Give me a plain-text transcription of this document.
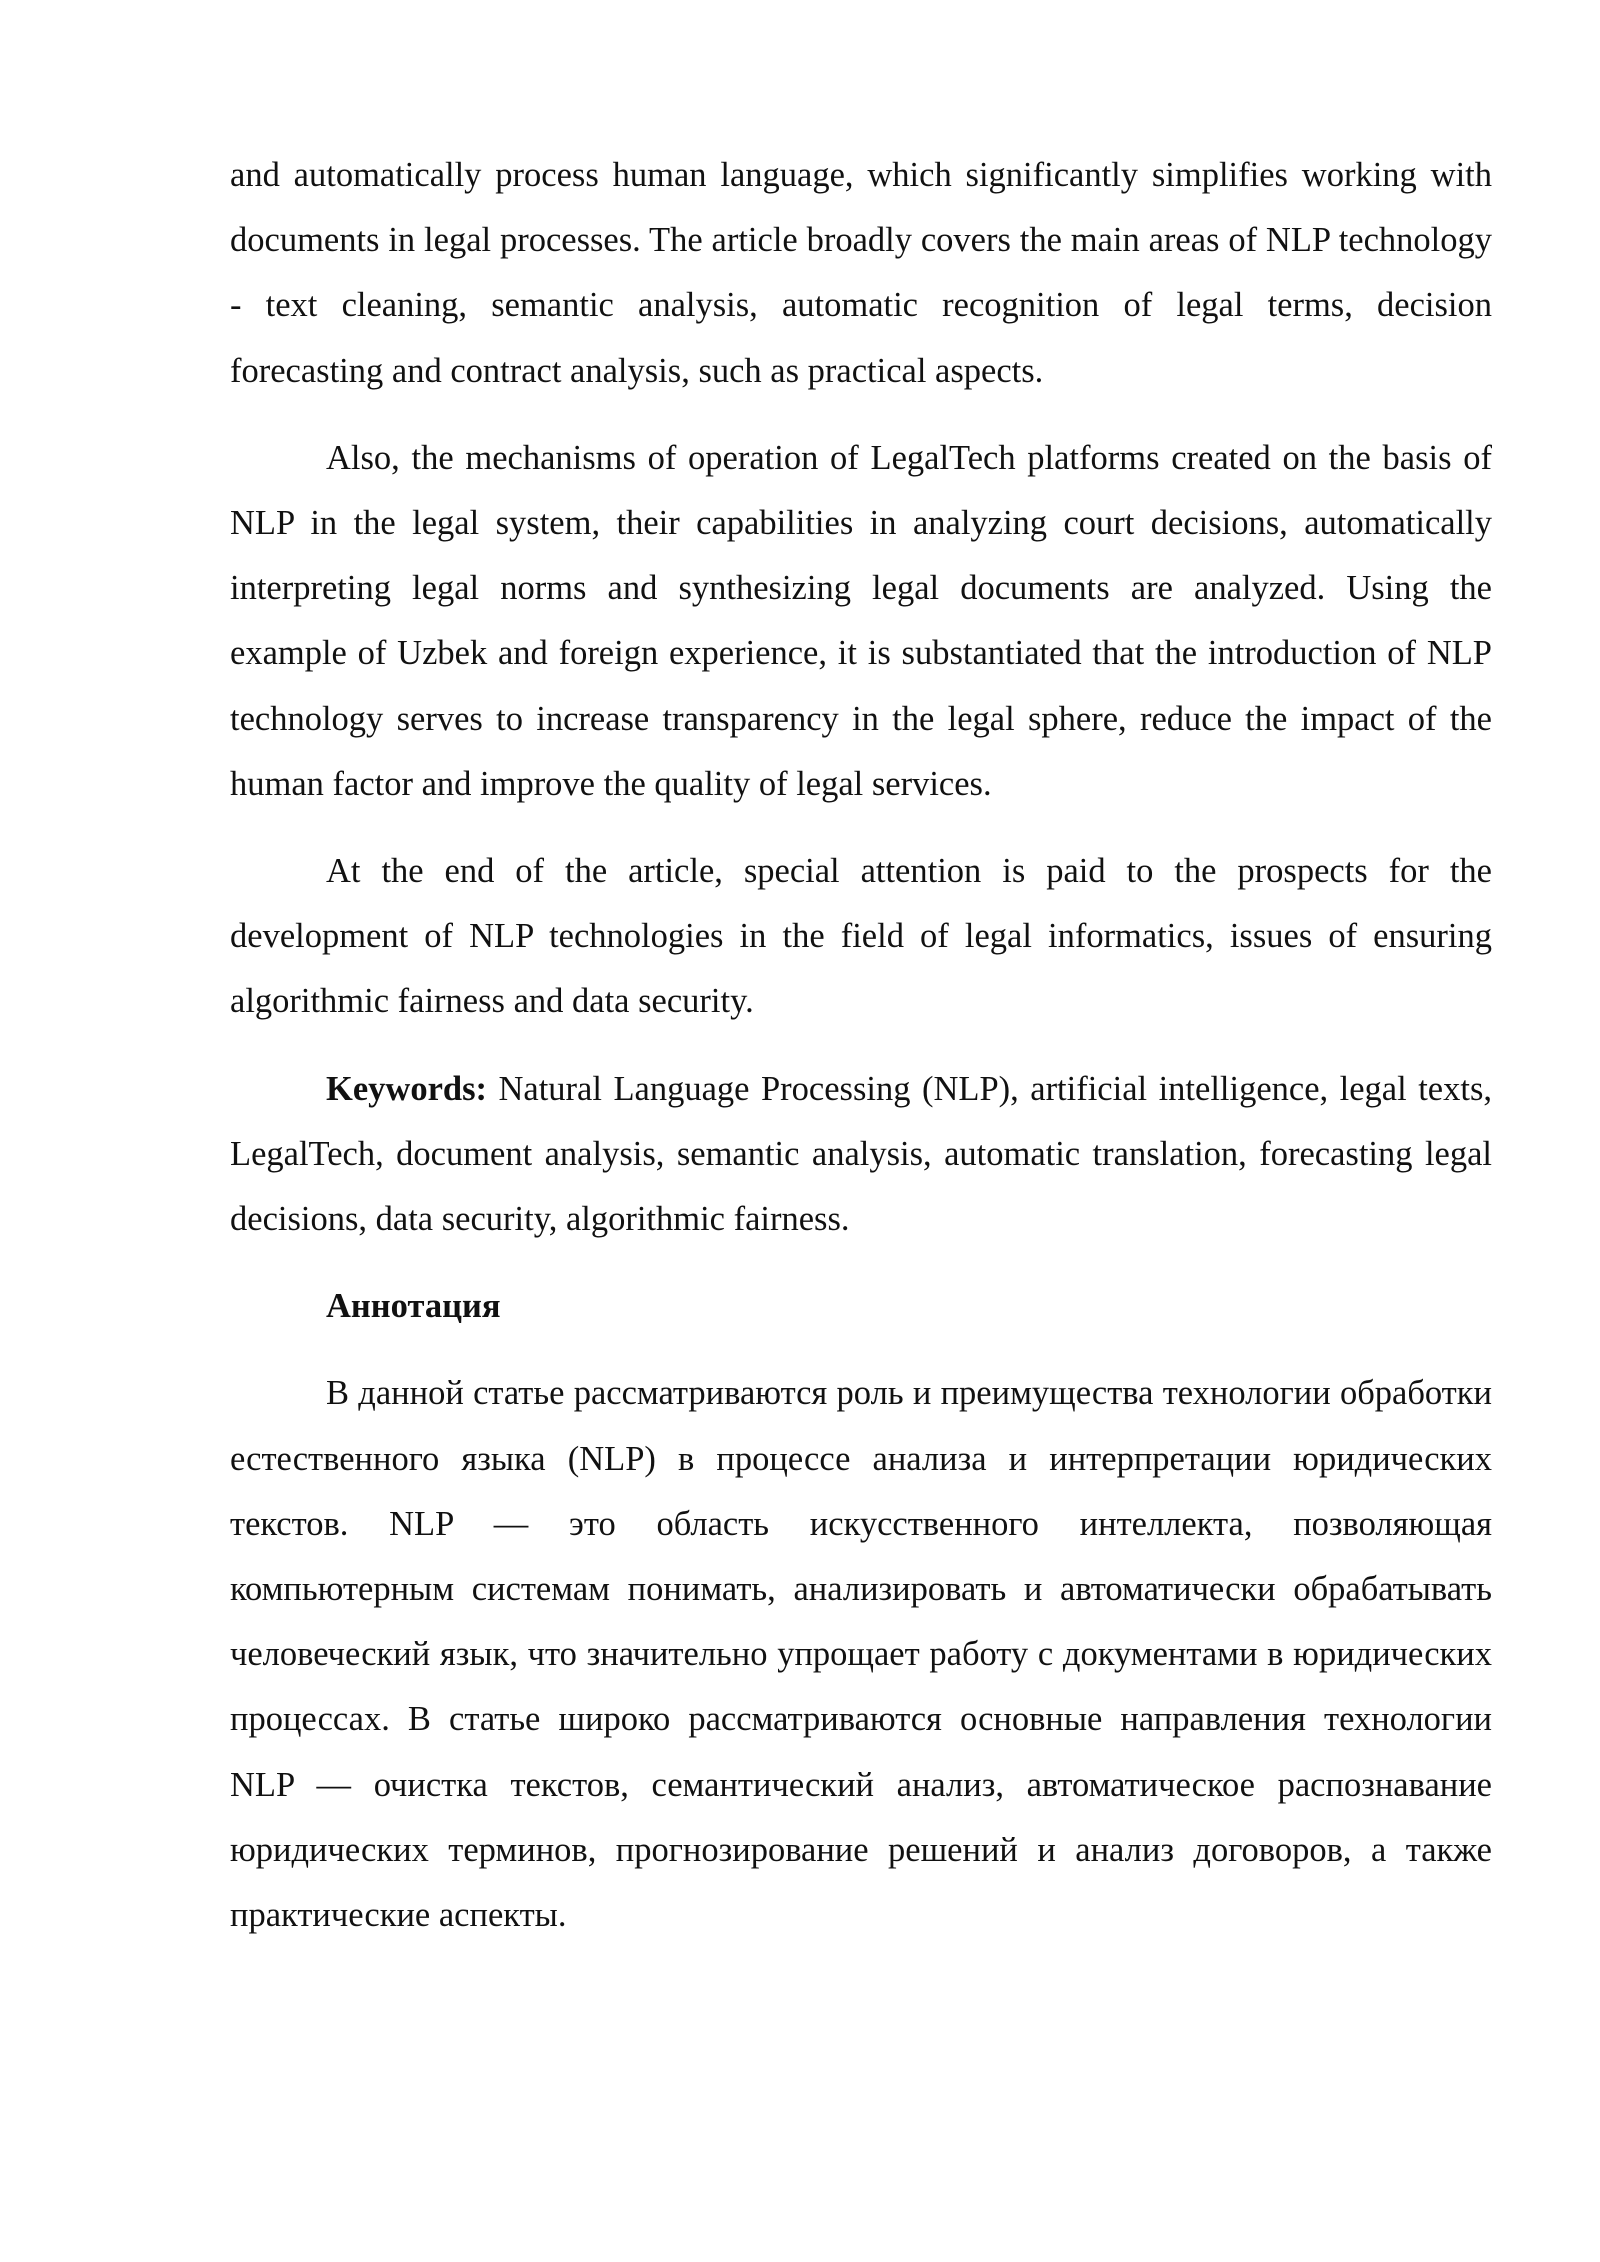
and automatically process human language, which significantly simplifies working with documents in legal processes. The article broadly covers the main areas of NLP technology - text cleaning, semantic analysis, automatic recognition of legal terms, decision forecasting and contract analysis, such as practical aspects.

Also, the mechanisms of operation of LegalTech platforms created on the basis of NLP in the legal system, their capabilities in analyzing court decisions, automatically interpreting legal norms and synthesizing legal documents are analyzed. Using the example of Uzbek and foreign experience, it is substantiated that the introduction of NLP technology serves to increase transparency in the legal sphere, reduce the impact of the human factor and improve the quality of legal services.

At the end of the article, special attention is paid to the prospects for the development of NLP technologies in the field of legal informatics, issues of ensuring algorithmic fairness and data security.

Keywords: Natural Language Processing (NLP), artificial intelligence, legal texts, LegalTech, document analysis, semantic analysis, automatic translation, forecasting legal decisions, data security, algorithmic fairness.

Аннотация

В данной статье рассматриваются роль и преимущества технологии обработки естественного языка (NLP) в процессе анализа и интерпретации юридических текстов. NLP — это область искусственного интеллекта, позволяющая компьютерным системам понимать, анализировать и автоматически обрабатывать человеческий язык, что значительно упрощает работу с документами в юридических процессах. В статье широко рассматриваются основные направления технологии NLP — очистка текстов, семантический анализ, автоматическое распознавание юридических терминов, прогнозирование решений и анализ договоров, а также практические аспекты.
